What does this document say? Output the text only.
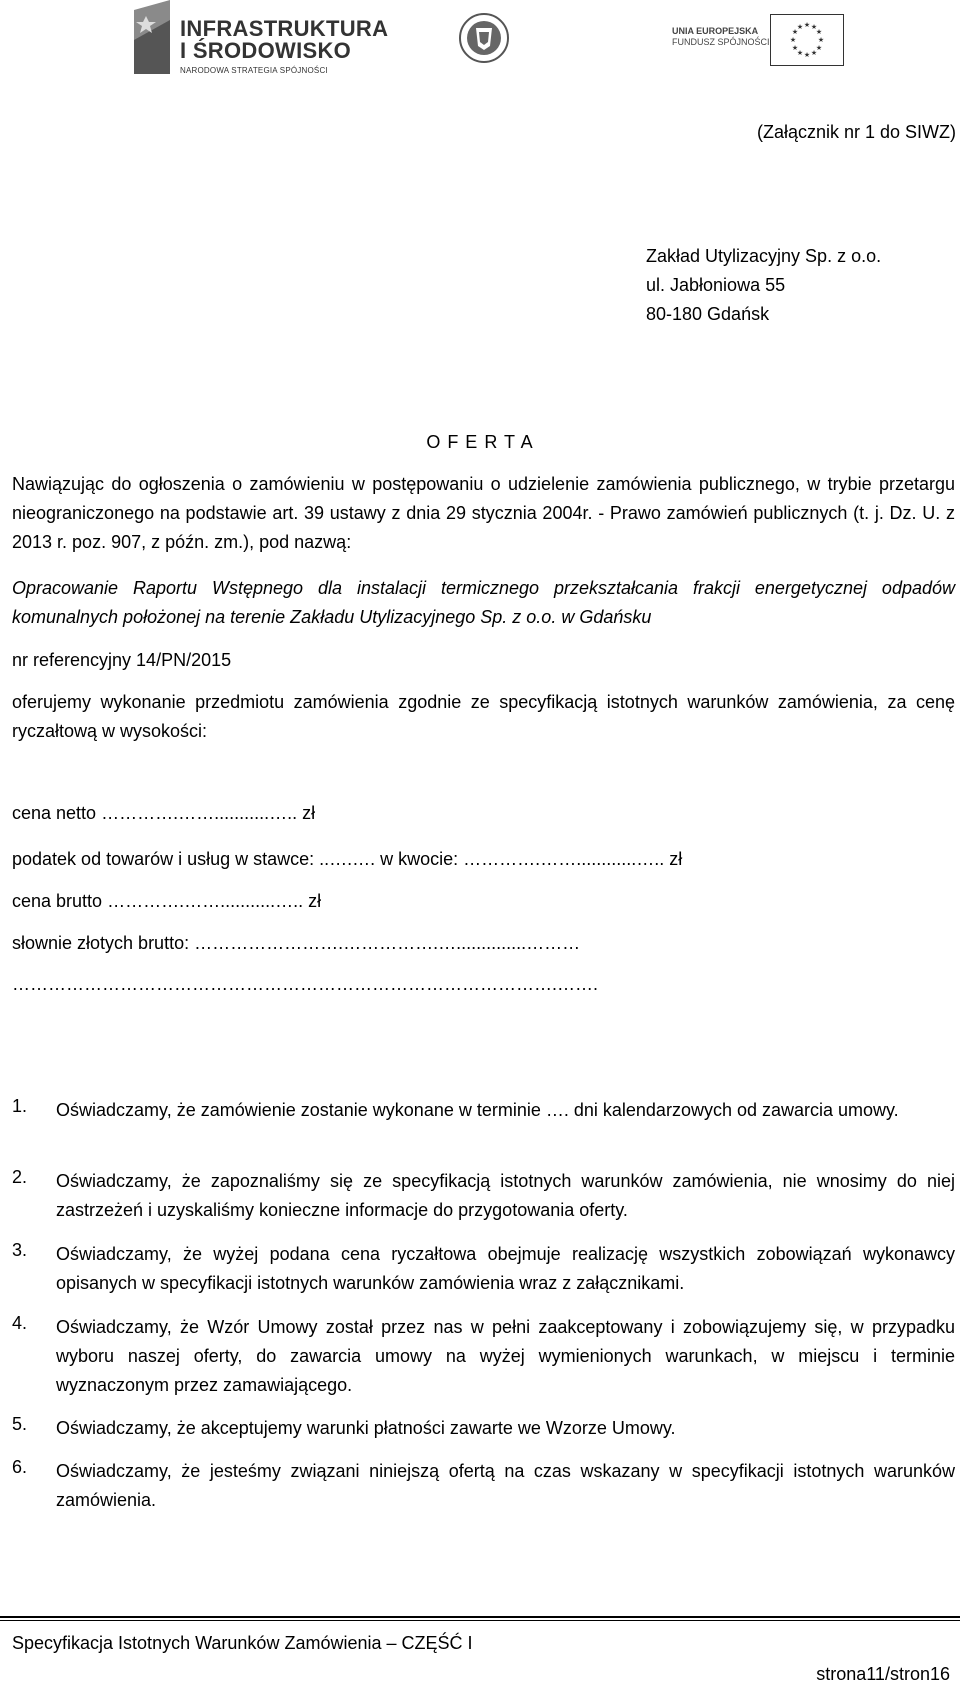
INFRASTRUKTURA
I ŚRODOWISKO
NARODOWA STRATEGIA SPÓJNOŚCI
UNIA EUROPEJSKA
FUNDUSZ SPÓJNOŚCI
★ ★
★
★
★
★
★
★
★
★
★
★
(Załącznik nr 1 do SIWZ)
Zakład Utylizacyjny Sp. z o.o.
ul. Jabłoniowa 55
80-180 Gdańsk
O F E R T A
Nawiązując do ogłoszenia o zamówieniu w postępowaniu o udzielenie zamówienia publicznego, w trybie przetargu nieograniczonego na podstawie art. 39 ustawy z dnia 29 stycznia 2004r. - Prawo zamówień publicznych (t. j. Dz. U. z 2013 r. poz. 907, z późn. zm.), pod nazwą:
Opracowanie Raportu Wstępnego dla instalacji termicznego przekształcania frakcji energetycznej odpadów komunalnych położonej na terenie Zakładu Utylizacyjnego Sp. z o.o. w Gdańsku
nr referencyjny 14/PN/2015
oferujemy wykonanie przedmiotu zamówienia zgodnie ze specyfikacją istotnych warunków zamówienia, za cenę ryczałtową w wysokości:
cena netto ………….……...........….. zł
podatek od towarów i usług w stawce: ..….…. w kwocie: ………….……............….. zł
cena brutto ………….……...........….. zł
słownie złotych brutto: …………………….…………….…..............………
……………………………………………………………………………….…….
1.	Oświadczamy, że zamówienie zostanie wykonane w terminie …. dni kalendarzowych od zawarcia umowy.
2.	Oświadczamy, że zapoznaliśmy się ze specyfikacją istotnych warunków zamówienia, nie wnosimy do niej zastrzeżeń i uzyskaliśmy konieczne informacje do przygotowania oferty.
3.	Oświadczamy, że wyżej podana cena ryczałtowa obejmuje realizację wszystkich zobowiązań wykonawcy opisanych w specyfikacji istotnych warunków zamówienia wraz z załącznikami.
4.	Oświadczamy, że Wzór Umowy został przez nas w pełni zaakceptowany i zobowiązujemy się, w przypadku wyboru naszej oferty, do zawarcia umowy na wyżej wymienionych warunkach, w miejscu i terminie wyznaczonym przez zamawiającego.
5.	Oświadczamy, że akceptujemy warunki płatności zawarte we Wzorze Umowy.
6.	Oświadczamy, że jesteśmy związani niniejszą ofertą na czas wskazany w specyfikacji istotnych warunków zamówienia.
Specyfikacja Istotnych Warunków Zamówienia – CZĘŚĆ I
strona11/stron16
